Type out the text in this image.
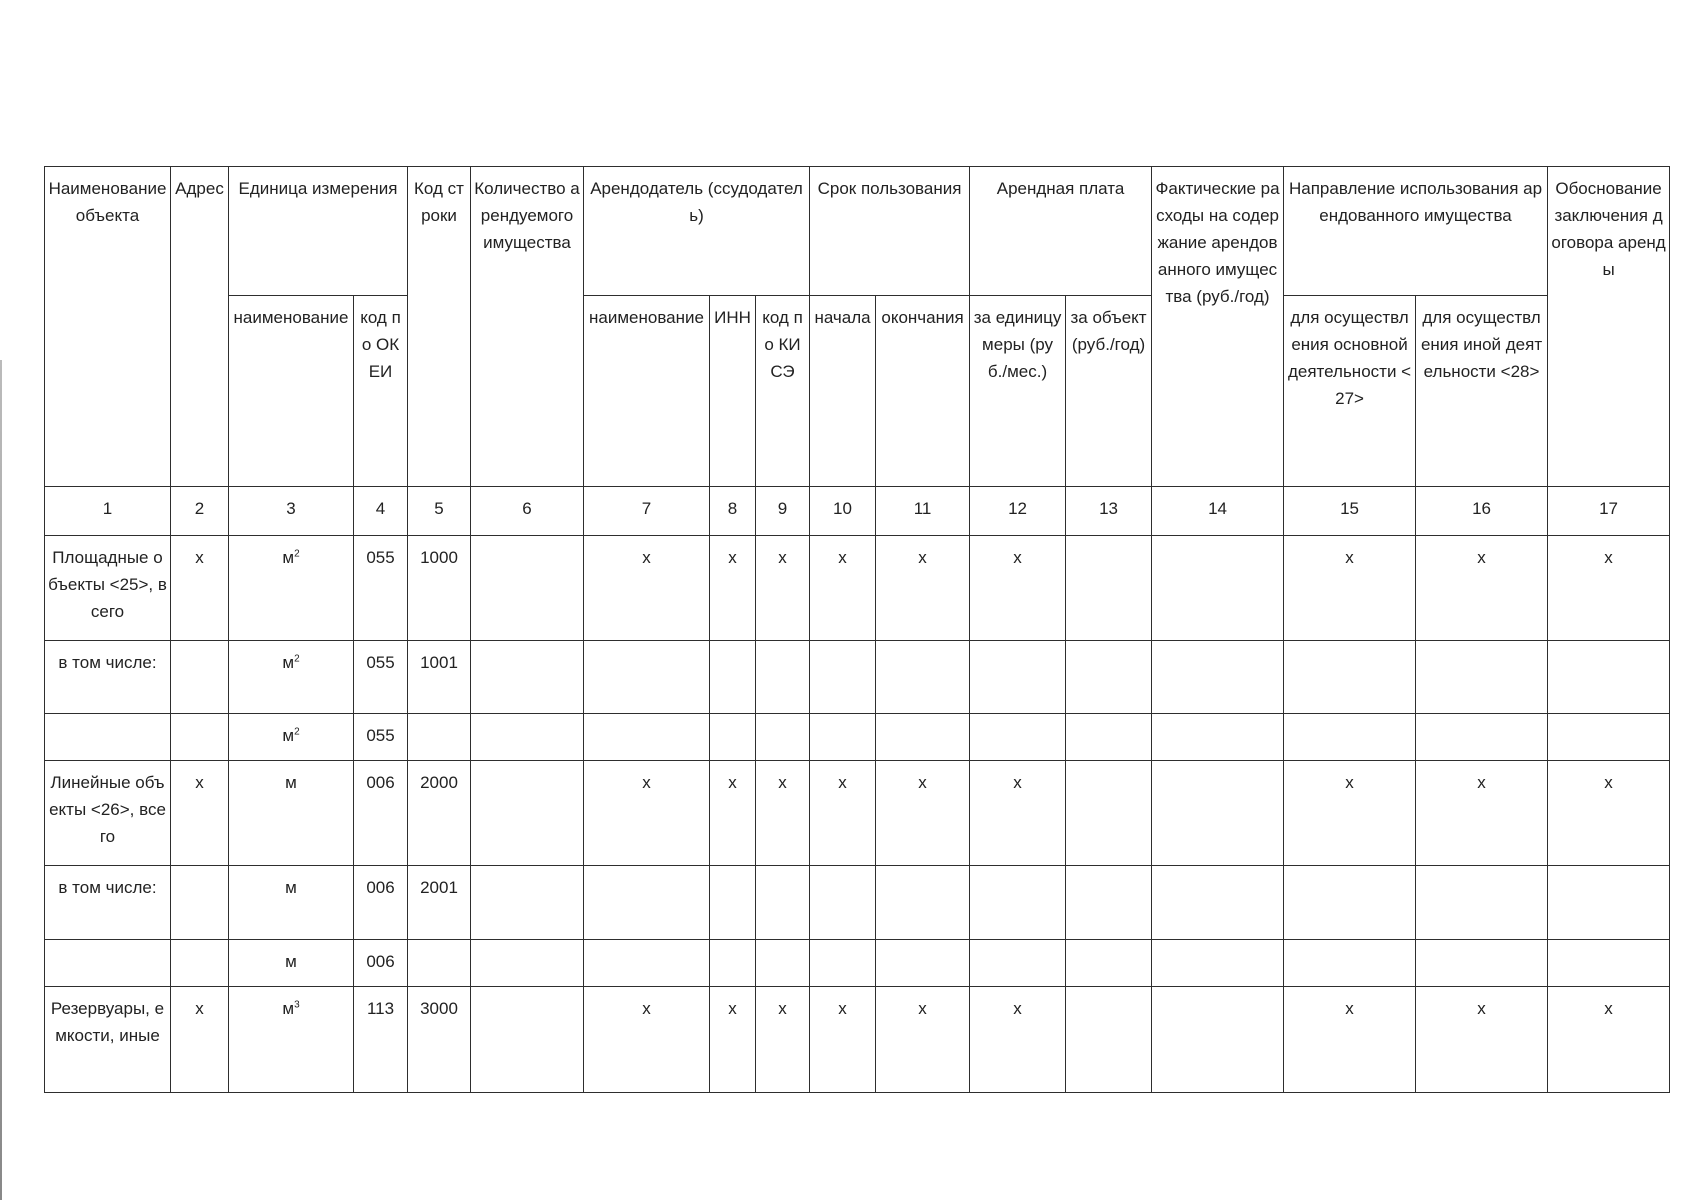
Наименование объекта	Адрес	Единица измерения		Код строки	Количество арендуемого имущества	Арендодатель (ссудодатель)			Срок пользования		Арендная плата		Фактические расходы на содержание арендованного имущества (руб./год)	Направление использования арендованного имущества		Обоснование заключения договора аренды
		наименование	код по ОКЕИ			наименование	ИНН	код по КИСЭ	начала	окончания	за единицу меры (руб./мес.)	за объект (руб./год)		для осуществления основной деятельности <27>	для осуществления иной деятельности <28>	
1	2	3	4	5	6	7	8	9	10	11	12	13	14	15	16	17
Площадные объекты <25>, всего	x	$м^2$	055	1000		x	x	x	x	x	x			x	x	x
в том числе:		$м^2$	055	1001												
		$м^2$	055													
Линейные объекты <26>, всего	x	м	006	2000		x	x	x	x	x	x			x	x	x
в том числе:		м	006	2001												
		м	006													
Резервуары, емкости, иные	x	$м^3$	113	3000		x	x	x	x	x	x			x	x	x
